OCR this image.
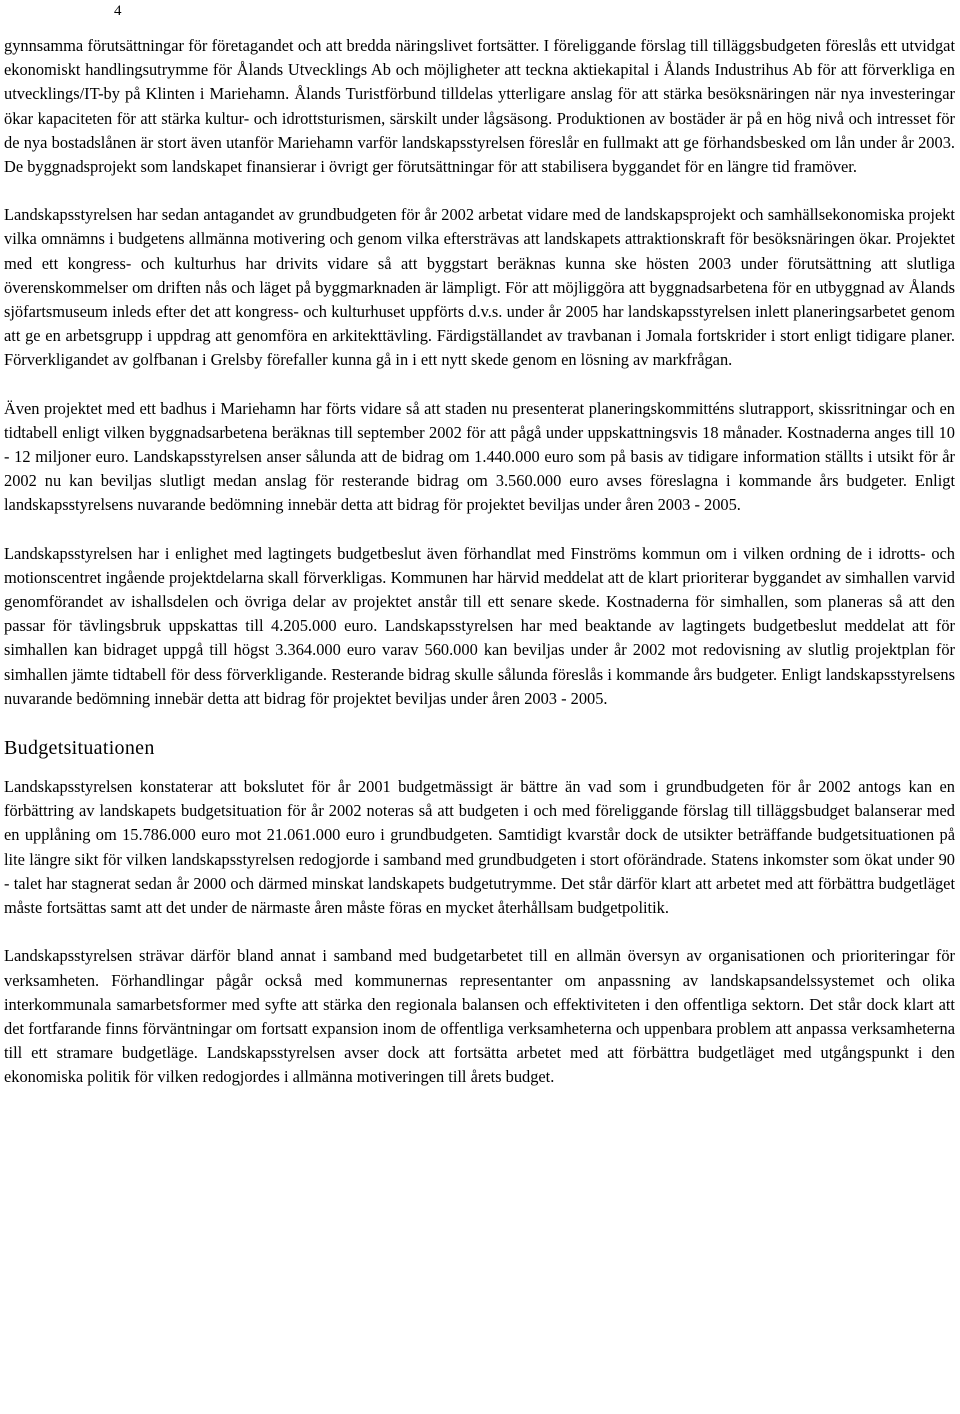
4

gynnsamma förutsättningar för företagandet och att bredda näringslivet fortsätter. I föreliggande förslag till tilläggsbudgeten föreslås ett utvidgat ekonomiskt handlingsutrymme för Ålands Utvecklings Ab och möjligheter att teckna aktiekapital i Ålands Industrihus Ab för att förverkliga en utvecklings/IT-by på Klinten i Mariehamn. Ålands Turistförbund tilldelas ytterligare anslag för att stärka besöksnäringen när nya investeringar ökar kapaciteten för att stärka kultur- och idrottsturismen, särskilt under lågsäsong. Produktionen av bostäder är på en hög nivå och intresset för de nya bostadslånen är stort även utanför Mariehamn varför landskapsstyrelsen föreslår en fullmakt att ge förhandsbesked om lån under år 2003. De byggnadsprojekt som landskapet finansierar i övrigt ger förutsättningar för att stabilisera byggandet för en längre tid framöver.

Landskapsstyrelsen har sedan antagandet av grundbudgeten för år 2002 arbetat vidare med de landskapsprojekt och samhällsekonomiska projekt vilka omnämns i budgetens allmänna motivering och genom vilka eftersträvas att landskapets attraktionskraft för besöksnäringen ökar. Projektet med ett kongress- och kulturhus har drivits vidare så att byggstart beräknas kunna ske hösten 2003 under förutsättning att slutliga överenskommelser om driften nås och läget på byggmarknaden är lämpligt. För att möjliggöra att byggnadsarbetena för en utbyggnad av Ålands sjöfartsmuseum inleds efter det att kongress- och kulturhuset uppförts d.v.s. under år 2005 har landskapsstyrelsen inlett planeringsarbetet genom att ge en arbetsgrupp i uppdrag att genomföra en arkitekttävling. Färdigställandet av travbanan i Jomala fortskrider i stort enligt tidigare planer. Förverkligandet av golfbanan i Grelsby förefaller kunna gå in i ett nytt skede genom en lösning av markfrågan.

Även projektet med ett badhus i Mariehamn har förts vidare så att staden nu presenterat planeringskommitténs slutrapport, skissritningar och en tidtabell enligt vilken byggnadsarbetena beräknas till september 2002 för att pågå under uppskattningsvis 18 månader. Kostnaderna anges till 10 - 12 miljoner euro. Landskapsstyrelsen anser sålunda att de bidrag om 1.440.000 euro som på basis av tidigare information ställts i utsikt för år 2002 nu kan beviljas slutligt medan anslag för resterande bidrag om 3.560.000 euro avses föreslagna i kommande års budgeter. Enligt landskapsstyrelsens nuvarande bedömning innebär detta att bidrag för projektet beviljas under åren 2003 - 2005.

Landskapsstyrelsen har i enlighet med lagtingets budgetbeslut även förhandlat med Finströms kommun om i vilken ordning de i idrotts- och motionscentret ingående projektdelarna skall förverkligas. Kommunen har härvid meddelat att de klart prioriterar byggandet av simhallen varvid genomförandet av ishallsdelen och övriga delar av projektet anstår till ett senare skede. Kostnaderna för simhallen, som planeras så att den passar för tävlingsbruk uppskattas till 4.205.000 euro. Landskapsstyrelsen har med beaktande av lagtingets budgetbeslut meddelat att för simhallen kan bidraget uppgå till högst 3.364.000 euro varav 560.000 kan beviljas under år 2002 mot redovisning av slutlig projektplan för simhallen jämte tidtabell för dess förverkligande. Resterande bidrag skulle sålunda föreslås i kommande års budgeter. Enligt landskapsstyrelsens nuvarande bedömning innebär detta att bidrag för projektet beviljas under åren 2003 - 2005.

Budgetsituationen

Landskapsstyrelsen konstaterar att bokslutet för år 2001 budgetmässigt är bättre än vad som i grundbudgeten för år 2002 antogs kan en förbättring av landskapets budgetsituation för år 2002 noteras så att budgeten i och med föreliggande förslag till tilläggsbudget balanserar med en upplåning om 15.786.000 euro mot 21.061.000 euro i grundbudgeten. Samtidigt kvarstår dock de utsikter beträffande budgetsituationen på lite längre sikt för vilken landskapsstyrelsen redogjorde i samband med grundbudgeten i stort oförändrade. Statens inkomster som ökat under 90 - talet har stagnerat sedan år 2000 och därmed minskat landskapets budgetutrymme. Det står därför klart att arbetet med att förbättra budgetläget måste fortsättas samt att det under de närmaste åren måste föras en mycket återhållsam budgetpolitik.

Landskapsstyrelsen strävar därför bland annat i samband med budgetarbetet till en allmän översyn av organisationen och prioriteringar för verksamheten. Förhandlingar pågår också med kommunernas representanter om anpassning av landskapsandelssystemet och olika interkommunala samarbetsformer med syfte att stärka den regionala balansen och effektiviteten i den offentliga sektorn. Det står dock klart att det fortfarande finns förväntningar om fortsatt expansion inom de offentliga verksamheterna och uppenbara problem att anpassa verksamheterna till ett stramare budgetläge. Landskapsstyrelsen avser dock att fortsätta arbetet med att förbättra budgetläget med utgångspunkt i den ekonomiska politik för vilken redogjordes i allmänna motiveringen till årets budget.
